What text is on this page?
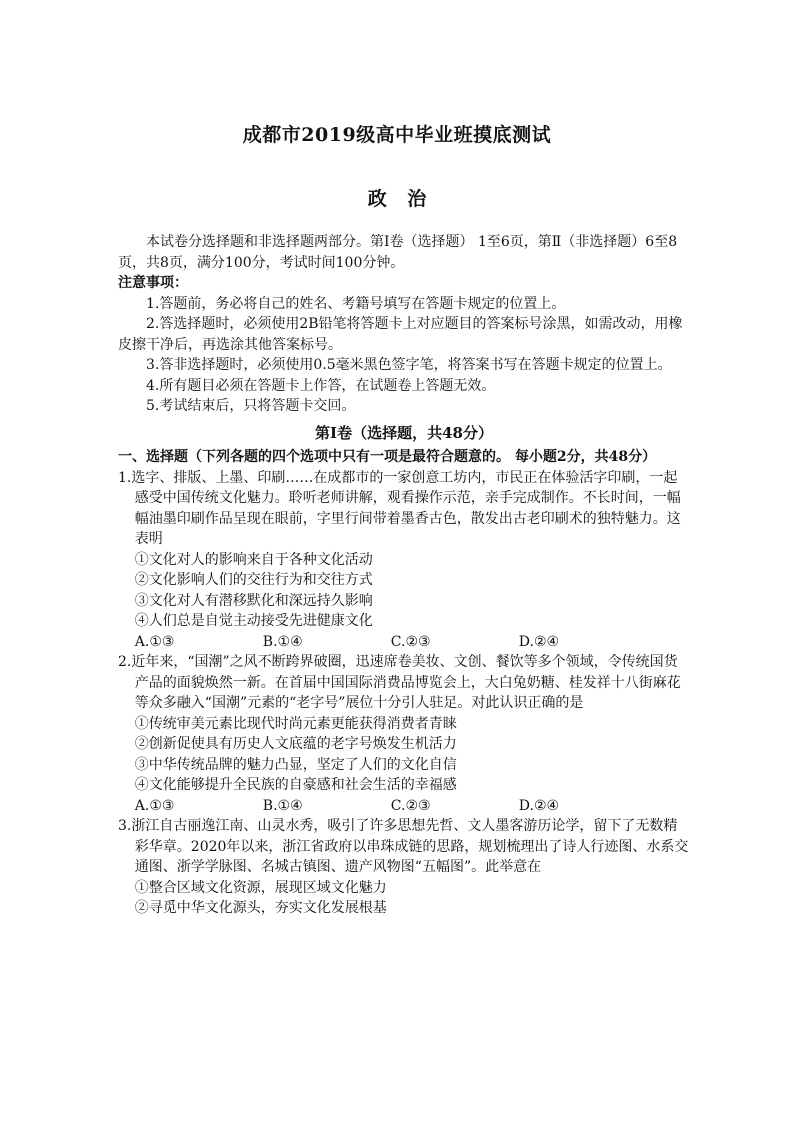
成都市2019级高中毕业班摸底测试
政 治

本试卷分选择题和非选择题两部分。第Ⅰ卷（选择题） 1至6页，第Ⅱ（非选择题）6至8页，共8页，满分100分，考试时间100分钟。

注意事项：

1.答题前，务必将自己的姓名、考籍号填写在答题卡规定的位置上。

2.答选择题时，必须使用2B铅笔将答题卡上对应题目的答案标号涂黑，如需改动，用橡皮擦干净后，再选涂其他答案标号。

3.答非选择题时，必须使用0.5毫米黑色签字笔，将答案书写在答题卡规定的位置上。

4.所有题目必须在答题卡上作答，在试题卷上答题无效。

5.考试结束后，只将答题卡交回。

第Ⅰ卷（选择题，共48分）

一、选择题（下列各题的四个选项中只有一项是最符合题意的。 每小题2分，共48分）

1.选字、排版、上墨、印刷……在成都市的一家创意工坊内，市民正在体验活字印刷，一起感受中国传统文化魅力。聆听老师讲解，观看操作示范，亲手完成制作。不长时间，一幅幅油墨印刷作品呈现在眼前，字里行间带着墨香古色，散发出古老印刷术的独特魅力。这表明

①文化对人的影响来自于各种文化活动

②文化影响人们的交往行为和交往方式

③文化对人有潜移默化和深远持久影响

④人们总是自觉主动接受先进健康文化

A.①③	B.①④	C.②③	D.②④

2.近年来，“国潮”之风不断跨界破圈，迅速席卷美妆、文创、餐饮等多个领域，令传统国货产品的面貌焕然一新。在首届中国国际消费品博览会上，大白兔奶糖、桂发祥十八街麻花等众多融入“国潮”元素的“老字号”展位十分引人驻足。对此认识正确的是

①传统审美元素比现代时尚元素更能获得消费者青睐

②创新促使具有历史人文底蕴的老字号焕发生机活力

③中华传统品牌的魅力凸显，坚定了人们的文化自信

④文化能够提升全民族的自豪感和社会生活的幸福感

A.①③	B.①④	C.②③	D.②④

3.浙江自古丽逸江南、山灵水秀，吸引了许多思想先哲、文人墨客游历论学，留下了无数精彩华章。2020年以来，浙江省政府以串珠成链的思路，规划梳理出了诗人行迹图、水系交通图、浙学学脉图、名城古镇图、遗产风物图“五幅图”。此举意在

①整合区域文化资源，展现区域文化魅力

②寻觅中华文化源头，夯实文化发展根基
